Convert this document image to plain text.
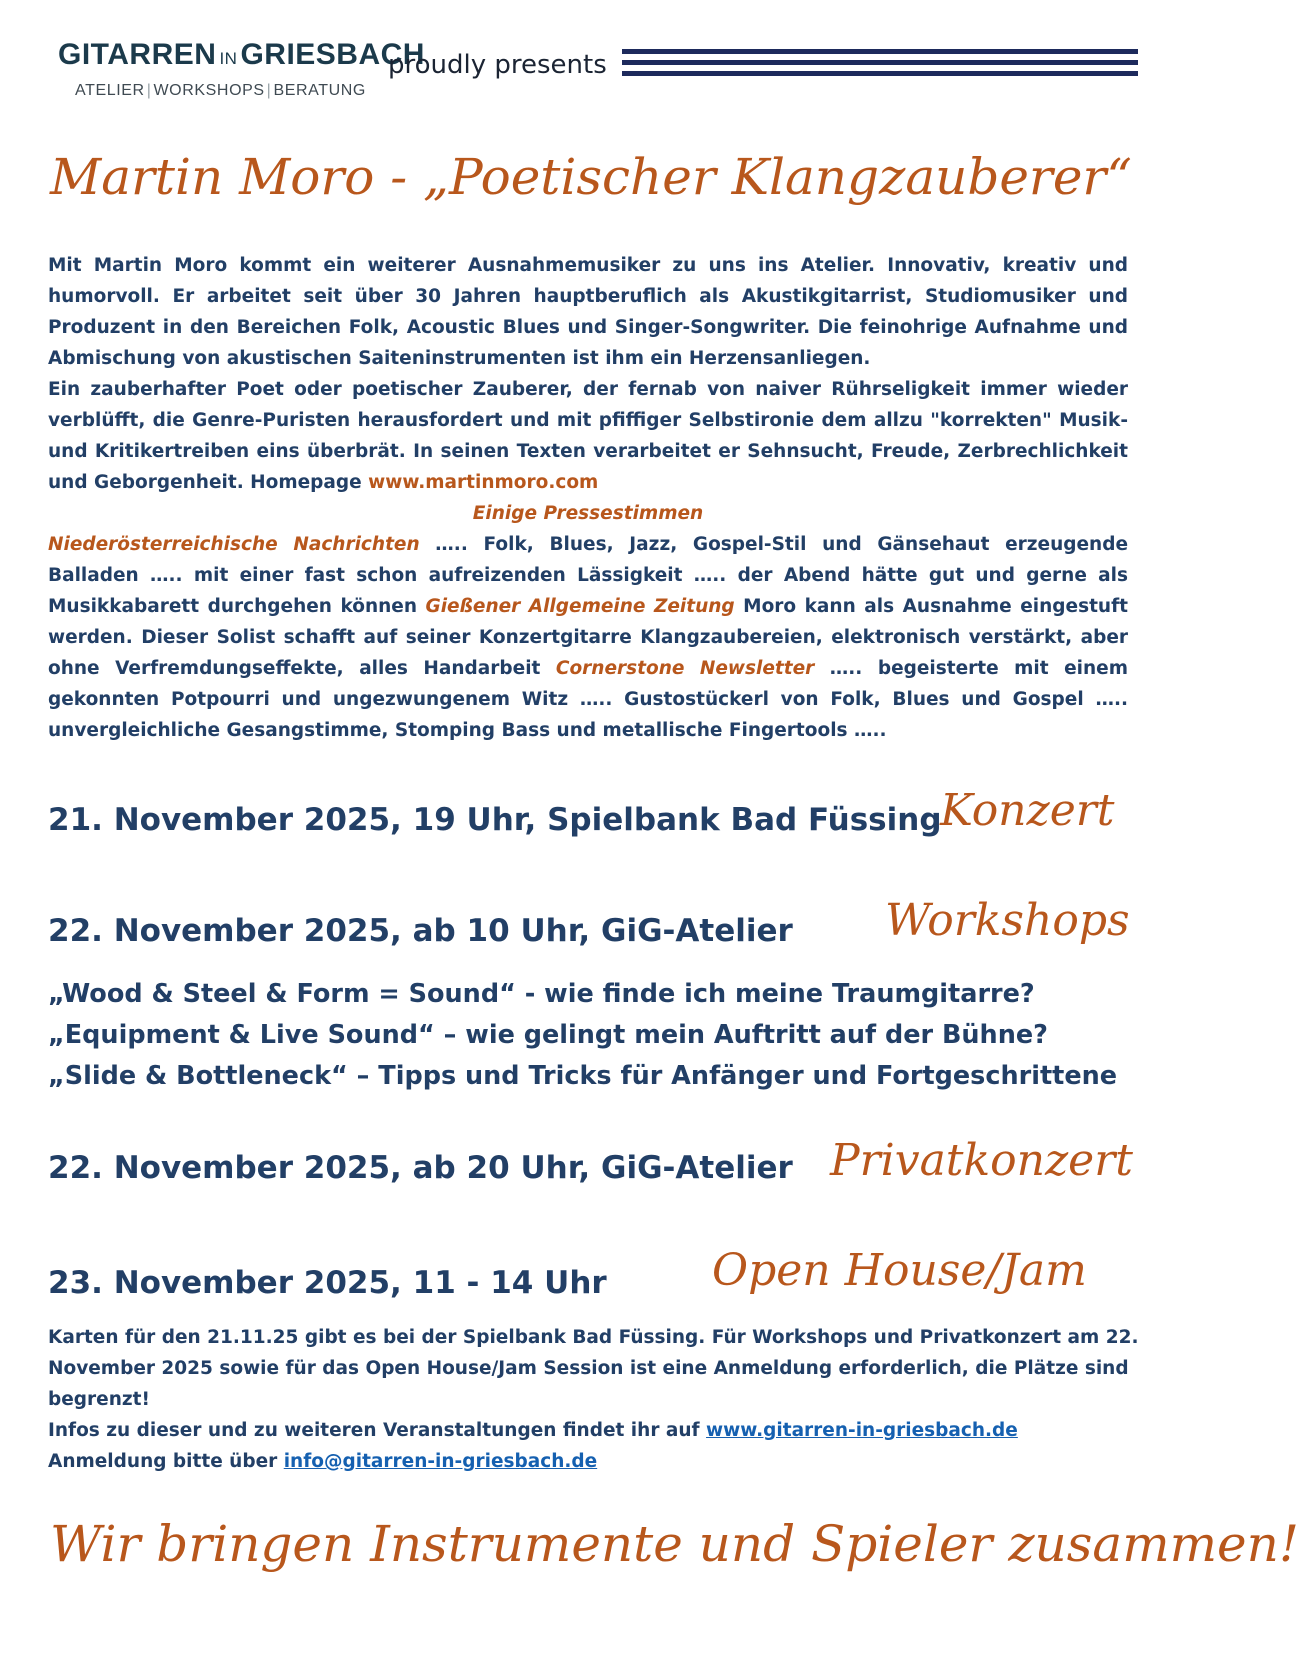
GITARREN IN GRIESBACH
ATELIER | WORKSHOPS | BERATUNG
proudly presents
Martin Moro - „Poetischer Klangzauberer“
Mit Martin Moro kommt ein weiterer Ausnahmemusiker zu uns ins Atelier. Innovativ, kreativ und humorvoll. Er arbeitet seit über 30 Jahren hauptberuflich als Akustikgitarrist, Studiomusiker und Produzent in den Bereichen Folk, Acoustic Blues und Singer-Songwriter. Die feinohrige Aufnahme und Abmischung von akustischen Saiteninstrumenten ist ihm ein Herzensanliegen.
Ein zauberhafter Poet oder poetischer Zauberer, der fernab von naiver Rührseligkeit immer wieder verblüfft, die Genre-Puristen herausfordert und mit pfiffiger Selbstironie dem allzu "korrekten" Musik- und Kritikertreiben eins überbrät. In seinen Texten verarbeitet er Sehnsucht, Freude, Zerbrechlichkeit und Geborgenheit. Homepage www.martinmoro.com
Einige Pressestimmen
Niederösterreichische Nachrichten ….. Folk, Blues, Jazz, Gospel-Stil und Gänsehaut erzeugende Balladen ….. mit einer fast schon aufreizenden Lässigkeit ….. der Abend hätte gut und gerne als Musikkabarett durchgehen können Gießener Allgemeine Zeitung Moro kann als Ausnahme eingestuft werden. Dieser Solist schafft auf seiner Konzertgitarre Klangzaubereien, elektronisch verstärkt, aber ohne Verfremdungseffekte, alles Handarbeit Cornerstone Newsletter ….. begeisterte mit einem gekonnten Potpourri und ungezwungenem Witz ….. Gustostückerl von Folk, Blues und Gospel ….. unvergleichliche Gesangstimme, Stomping Bass und metallische Fingertools …..
21. November 2025, 19 Uhr, Spielbank Bad Füssing
Konzert
22. November 2025, ab 10 Uhr, GiG-Atelier Workshops
„Wood & Steel & Form = Sound“ - wie finde ich meine Traumgitarre?
„Equipment & Live Sound“ – wie gelingt mein Auftritt auf der Bühne?
„Slide & Bottleneck“ – Tipps und Tricks für Anfänger und Fortgeschrittene
22. November 2025, ab 20 Uhr, GiG-Atelier Privatkonzert
23. November 2025, 11 - 14 Uhr Open House/Jam
Karten für den 21.11.25 gibt es bei der Spielbank Bad Füssing. Für Workshops und Privatkonzert am 22. November 2025 sowie für das Open House/Jam Session ist eine Anmeldung erforderlich, die Plätze sind begrenzt!
Infos zu dieser und zu weiteren Veranstaltungen findet ihr auf www.gitarren-in-griesbach.de
Anmeldung bitte über info@gitarren-in-griesbach.de
Wir bringen Instrumente und Spieler zusammen!
